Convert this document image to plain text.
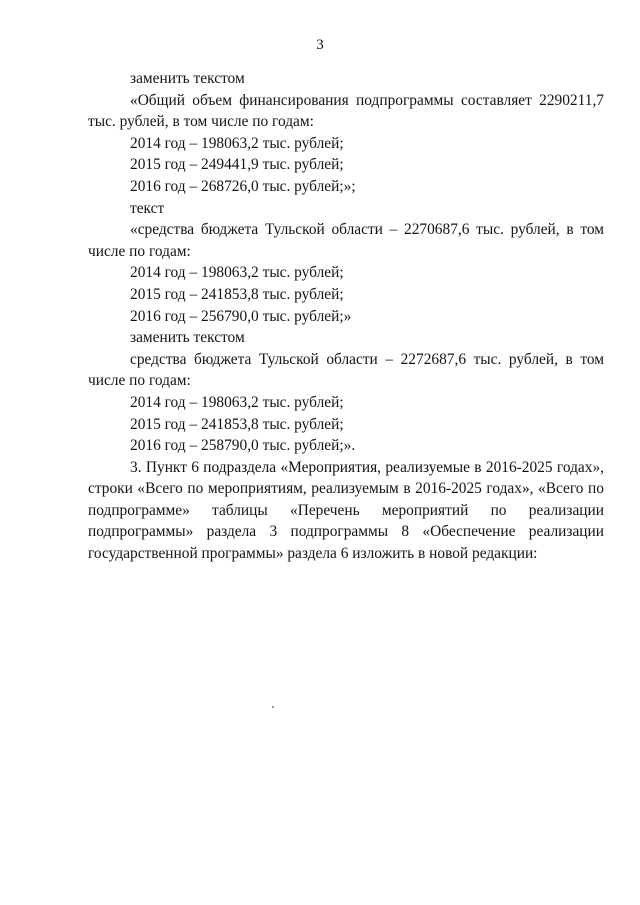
3
заменить текстом
«Общий объем финансирования подпрограммы составляет 2290211,7
тыс. рублей, в том числе по годам:
2014 год – 198063,2 тыс. рублей;
2015 год – 249441,9 тыс. рублей;
2016 год – 268726,0 тыс. рублей;»;
текст
«средства бюджета Тульской области – 2270687,6 тыс. рублей, в том
числе по годам:
2014 год – 198063,2 тыс. рублей;
2015 год – 241853,8 тыс. рублей;
2016 год – 256790,0 тыс. рублей;»
заменить текстом
средства бюджета Тульской области – 2272687,6 тыс. рублей, в том
числе по годам:
2014 год – 198063,2 тыс. рублей;
2015 год – 241853,8 тыс. рублей;
2016 год – 258790,0 тыс. рублей;».
3. Пункт 6 подраздела «Мероприятия, реализуемые в 2016-2025 годах»,
строки «Всего по мероприятиям, реализуемым в 2016-2025 годах», «Всего по
подпрограмме» таблицы «Перечень мероприятий по реализации
подпрограммы» раздела 3 подпрограммы 8 «Обеспечение реализации
государственной программы» раздела 6 изложить в новой редакции:
